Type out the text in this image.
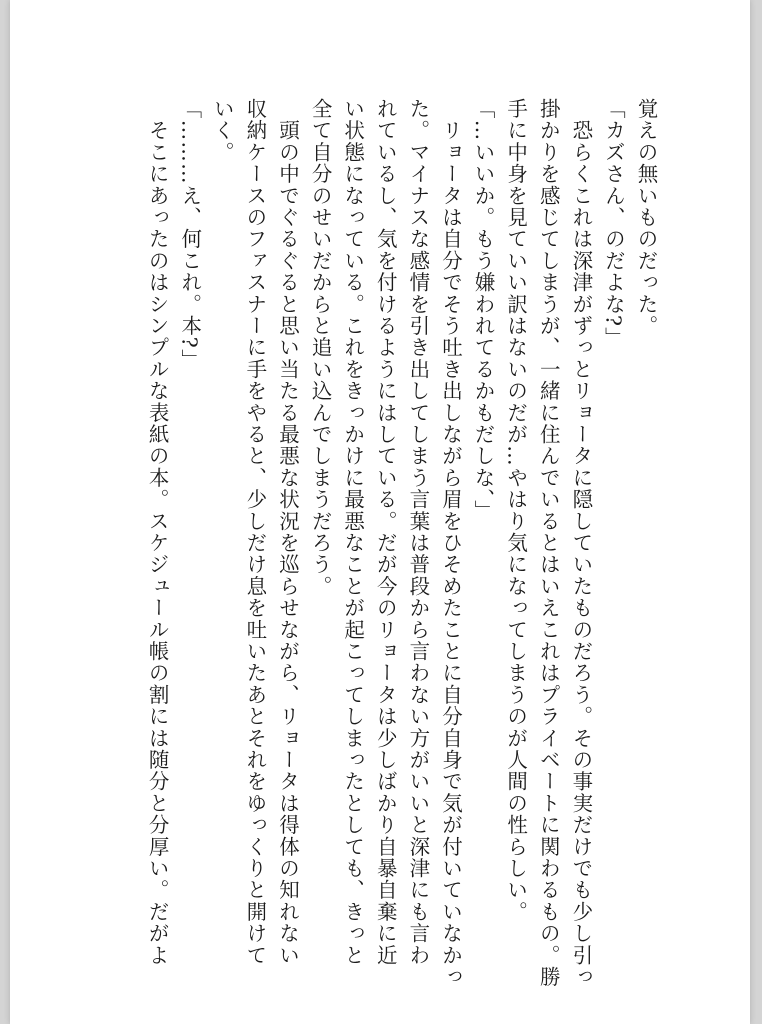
覚えの無いものだった。
「カズさん、のだよな?」
　恐らくこれは深津がずっとリョータに隠していたものだろう。その事実だけでも少し引っ
掛かりを感じてしまうが、一緒に住んでいるとはいえこれはプライベートに関わるもの。勝
手に中身を見ていい訳はないのだが…やはり気になってしまうのが人間の性らしい。
「…いいか。もう嫌われてるかもだしな、」
　リョータは自分でそう吐き出しながら眉をひそめたことに自分自身で気が付いていなかっ
た。マイナスな感情を引き出してしまう言葉は普段から言わない方がいいと深津にも言わ
れているし、気を付けるようにはしている。だが今のリョータは少しばかり自暴自棄に近
い状態になっている。これをきっかけに最悪なことが起こってしまったとしても、きっと
全て自分のせいだからと追い込んでしまうだろう。
　頭の中でぐるぐると思い当たる最悪な状況を巡らせながら、リョータは得体の知れない
収納ケースのファスナーに手をやると、少しだけ息を吐いたあとそれをゆっくりと開けて
いく。
「………え、何これ。本?」
　そこにあったのはシンプルな表紙の本。スケジュール帳の割には随分と分厚い。だがよ
